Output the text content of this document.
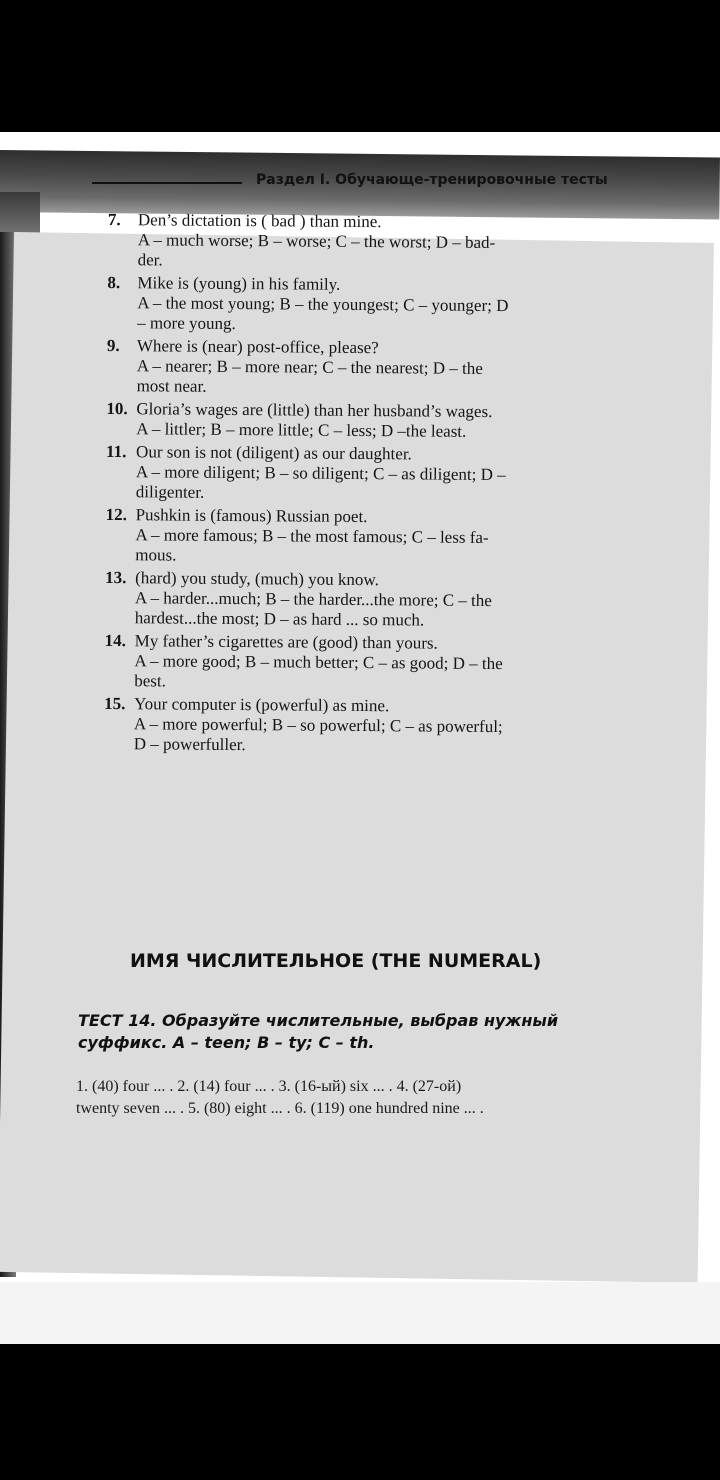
Раздел I. Обучающе-тренировочные тесты
7. Den’s dictation is ( bad ) than mine.
A – much worse; B – worse; C – the worst; D – bad-
der.
8. Mike is (young) in his family.
A – the most young; B – the youngest; C – younger; D
– more young.
9. Where is (near) post-office, please?
A – nearer; B – more near; C – the nearest; D – the
most near.
10. Gloria’s wages are (little) than her husband’s wages.
A – littler; B – more little; C – less; D –the least.
11. Our son is not (diligent) as our daughter.
A – more diligent; B – so diligent; C – as diligent; D –
diligenter.
12. Pushkin is (famous) Russian poet.
A – more famous; B – the most famous; C – less fa-
mous.
13. (hard) you study, (much) you know.
A – harder...much; B – the harder...the more; C – the
hardest...the most; D – as hard ... so much.
14. My father’s cigarettes are (good) than yours.
A – more good; B – much better; C – as good; D – the
best.
15. Your computer is (powerful) as mine.
A – more powerful; B – so powerful; C – as powerful;
D – powerfuller.
ИМЯ ЧИСЛИТЕЛЬНОЕ (THE NUMERAL)
ТЕСТ 14. Образуйте числительные, выбрав нужный
суффикс. A – teen; B – ty; C – th.
1. (40) four ... . 2. (14) four ... . 3. (16-ый) six ... . 4. (27-ой)
twenty seven ... . 5. (80) eight ... . 6. (119) one hundred nine ... .
